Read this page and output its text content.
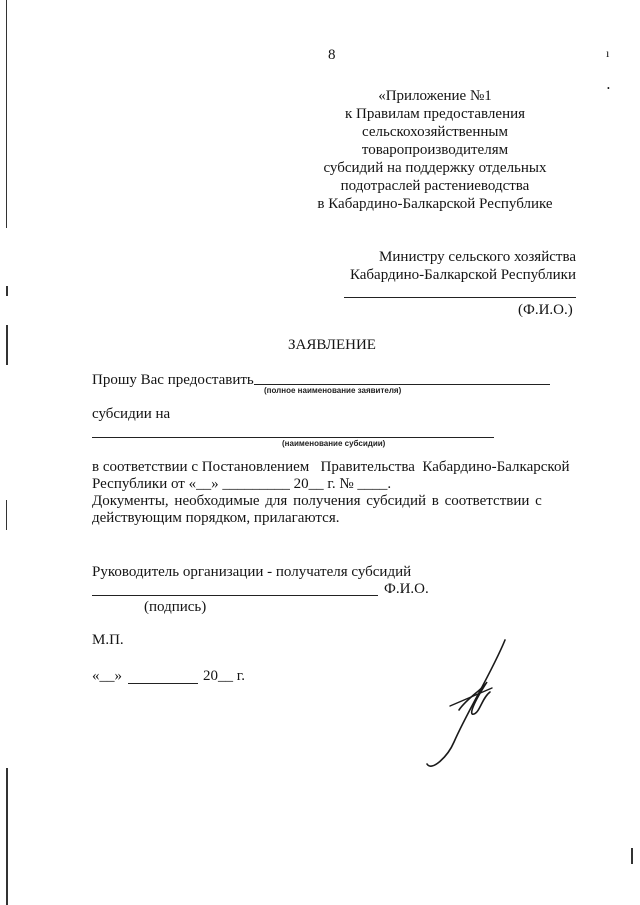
8	ı
•
«Приложение №1
к Правилам предоставления
сельскохозяйственным
товаропроизводителям
субсидий на поддержку отдельных
подотраслей растениеводства
в Кабардино-Балкарской Республике
Министру сельского хозяйства
Кабардино-Балкарской Республики
(Ф.И.О.)
ЗАЯВЛЕНИЕ
Прошу Вас предоставить
(полное наименование заявителя)
субсидии на
(наименование субсидии)
в соответствии с Постановлением   Правительства  Кабардино-Балкарской
Республики от «__» _________ 20__ г. № ____.
Документы, необходимые для получения субсидий в соответствии с
действующим порядком, прилагаются.
Руководитель организации - получателя субсидий
Ф.И.О.
(подпись)
М.П.
«__»	20__ г.
